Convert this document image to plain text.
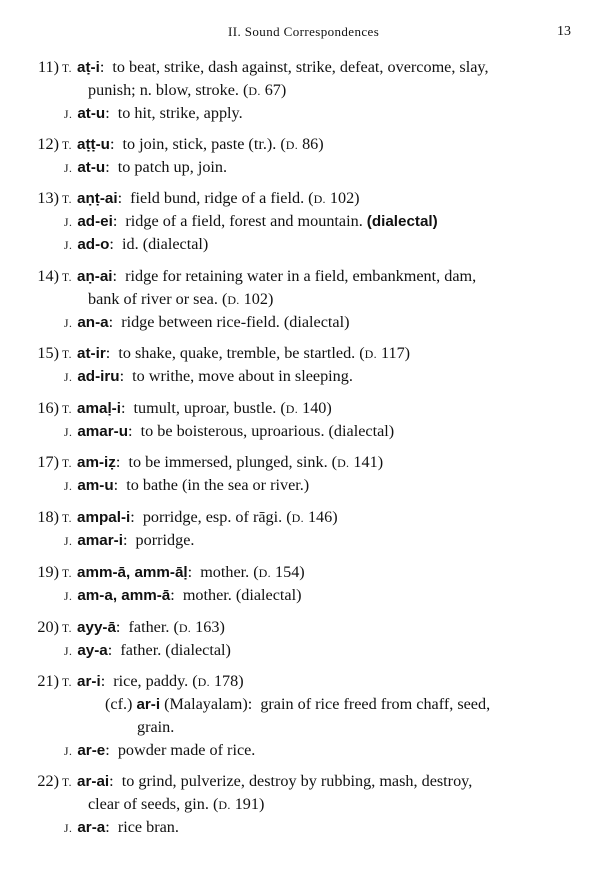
II. Sound Correspondences	13
11) T. aṭ-i:  to beat, strike, dash against, strike, defeat, overcome, slay,
punish; n. blow, stroke. (D. 67)
J. at-u:  to hit, strike, apply.
12) T. aṭṭ-u:  to join, stick, paste (tr.). (D. 86)
J. at-u:  to patch up, join.
13) T. aṇṭ-ai:  field bund, ridge of a field. (D. 102)
J. ad-ei:  ridge of a field, forest and mountain. (dialectal)
J. ad-o:  id. (dialectal)
14) T. aṇ-ai:  ridge for retaining water in a field, embankment, dam,
bank of river or sea. (D. 102)
J. an-a:  ridge between rice-field. (dialectal)
15) T. at-ir:  to shake, quake, tremble, be startled. (D. 117)
J. ad-iru:  to writhe, move about in sleeping.
16) T. amaḷ-i:  tumult, uproar, bustle. (D. 140)
J. amar-u:  to be boisterous, uproarious. (dialectal)
17) T. am-iẓ:  to be immersed, plunged, sink. (D. 141)
J. am-u:  to bathe (in the sea or river.)
18) T. ampal-i:  porridge, esp. of rāgi. (D. 146)
J. amar-i:  porridge.
19) T. amm-ā, amm-āḷ:  mother. (D. 154)
J. am-a, amm-ā:  mother. (dialectal)
20) T. ayy-ā:  father. (D. 163)
J. ay-a:  father. (dialectal)
21) T. ar-i:  rice, paddy. (D. 178)
(cf.) ar-i (Malayalam):  grain of rice freed from chaff, seed,
grain.
J. ar-e:  powder made of rice.
22) T. ar-ai:  to grind, pulverize, destroy by rubbing, mash, destroy,
clear of seeds, gin. (D. 191)
J. ar-a:  rice bran.
